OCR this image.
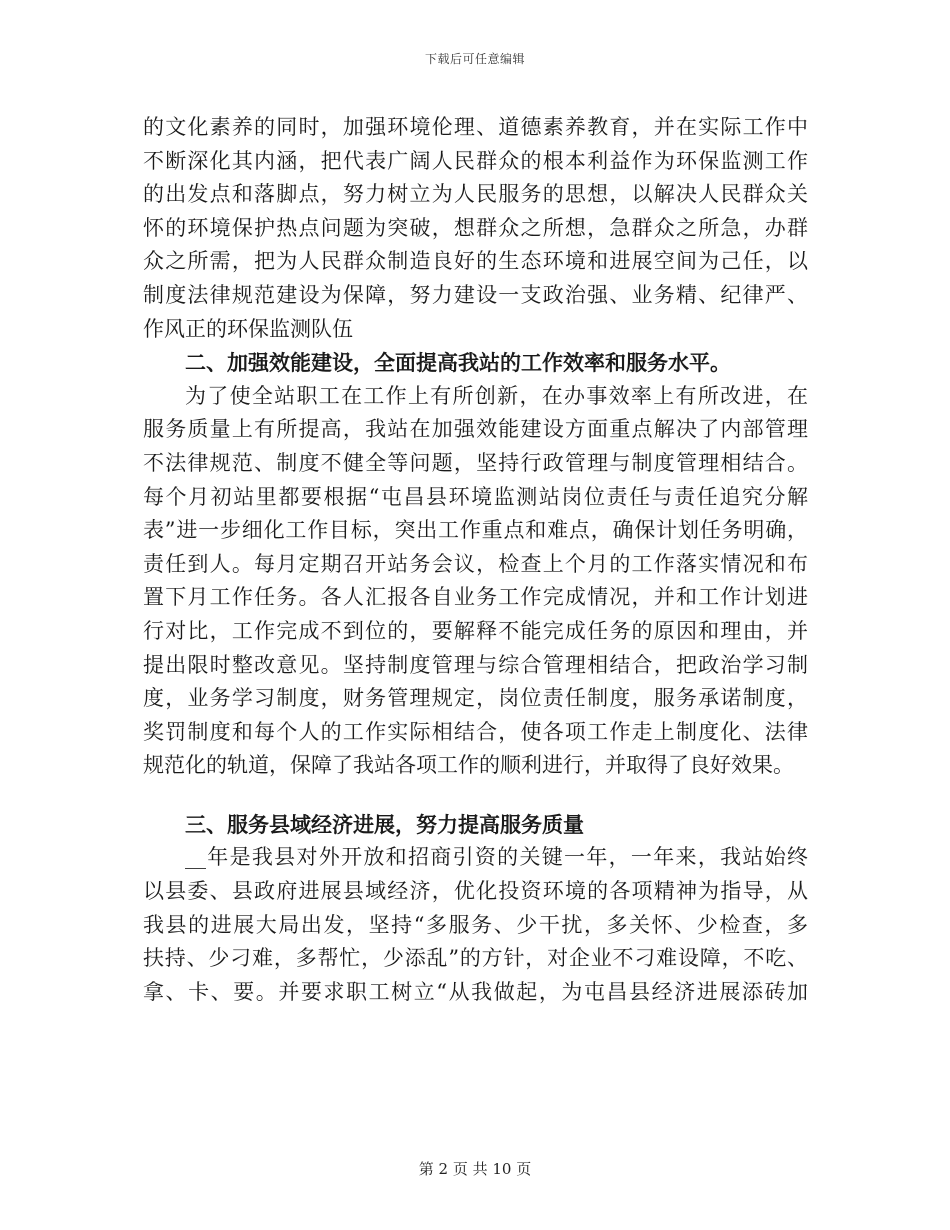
下载后可任意编辑
的文化素养的同时，加强环境伦理、道德素养教育，并在实际工作中
不断深化其内涵，把代表广阔人民群众的根本利益作为环保监测工作
的出发点和落脚点，努力树立为人民服务的思想，以解决人民群众关
怀的环境保护热点问题为突破，想群众之所想，急群众之所急，办群
众之所需，把为人民群众制造良好的生态环境和进展空间为己任，以
制度法律规范建设为保障，努力建设一支政治强、业务精、纪律严、
作风正的环保监测队伍
二、加强效能建设，全面提高我站的工作效率和服务水平。
为了使全站职工在工作上有所创新，在办事效率上有所改进，在
服务质量上有所提高，我站在加强效能建设方面重点解决了内部管理
不法律规范、制度不健全等问题，坚持行政管理与制度管理相结合。
每个月初站里都要根据“屯昌县环境监测站岗位责任与责任追究分解
表”进一步细化工作目标，突出工作重点和难点，确保计划任务明确，
责任到人。每月定期召开站务会议，检查上个月的工作落实情况和布
置下月工作任务。各人汇报各自业务工作完成情况，并和工作计划进
行对比，工作完成不到位的，要解释不能完成任务的原因和理由，并
提出限时整改意见。坚持制度管理与综合管理相结合，把政治学习制
度，业务学习制度，财务管理规定，岗位责任制度，服务承诺制度，
奖罚制度和每个人的工作实际相结合，使各项工作走上制度化、法律
规范化的轨道，保障了我站各项工作的顺利进行，并取得了良好效果。
三、服务县域经济进展，努力提高服务质量
__年是我县对外开放和招商引资的关键一年，一年来，我站始终
以县委、县政府进展县域经济，优化投资环境的各项精神为指导，从
我县的进展大局出发，坚持“多服务、少干扰，多关怀、少检查，多
扶持、少刁难，多帮忙，少添乱”的方针，对企业不刁难设障，不吃、
拿、卡、要。并要求职工树立“从我做起，为屯昌县经济进展添砖加
第 2 页 共 10 页
